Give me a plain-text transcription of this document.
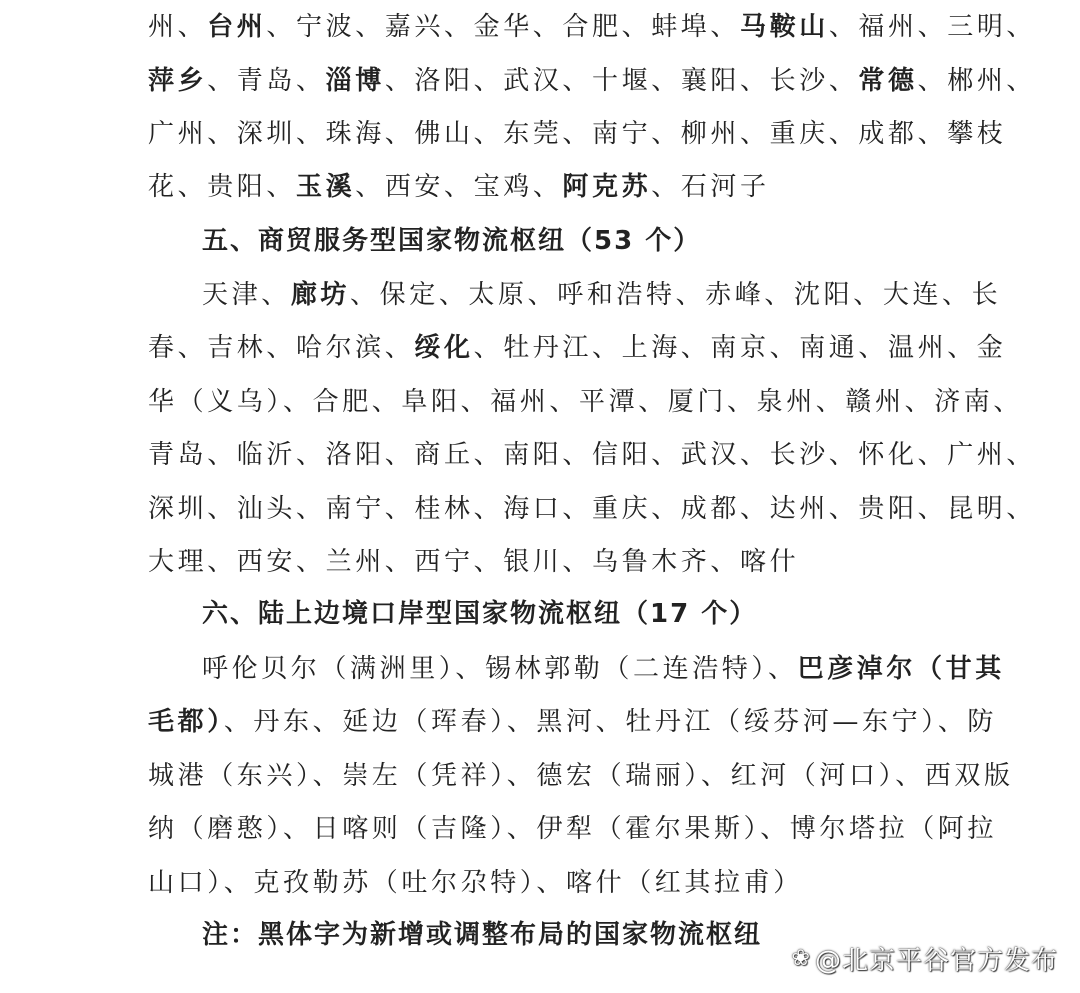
州、台州、宁波、嘉兴、金华、合肥、蚌埠、马鞍山、福州、三明、
萍乡、青岛、淄博、洛阳、武汉、十堰、襄阳、长沙、常德、郴州、
广州、深圳、珠海、佛山、东莞、南宁、柳州、重庆、成都、攀枝
花、贵阳、玉溪、西安、宝鸡、阿克苏、石河子
五、商贸服务型国家物流枢纽（53 个）
天津、廊坊、保定、太原、呼和浩特、赤峰、沈阳、大连、长
春、吉林、哈尔滨、绥化、牡丹江、上海、南京、南通、温州、金
华（义乌）、合肥、阜阳、福州、平潭、厦门、泉州、赣州、济南、
青岛、临沂、洛阳、商丘、南阳、信阳、武汉、长沙、怀化、广州、
深圳、汕头、南宁、桂林、海口、重庆、成都、达州、贵阳、昆明、
大理、西安、兰州、西宁、银川、乌鲁木齐、喀什
六、陆上边境口岸型国家物流枢纽（17 个）
呼伦贝尔（满洲里）、锡林郭勒（二连浩特）、巴彦淖尔（甘其
毛都）、丹东、延边（珲春）、黑河、牡丹江（绥芬河—东宁）、防
城港（东兴）、崇左（凭祥）、德宏（瑞丽）、红河（河口）、西双版
纳（磨憨）、日喀则（吉隆）、伊犁（霍尔果斯）、博尔塔拉（阿拉
山口）、克孜勒苏（吐尔尕特）、喀什（红其拉甫）
注：黑体字为新增或调整布局的国家物流枢纽
❀ @北京平谷官方发布
